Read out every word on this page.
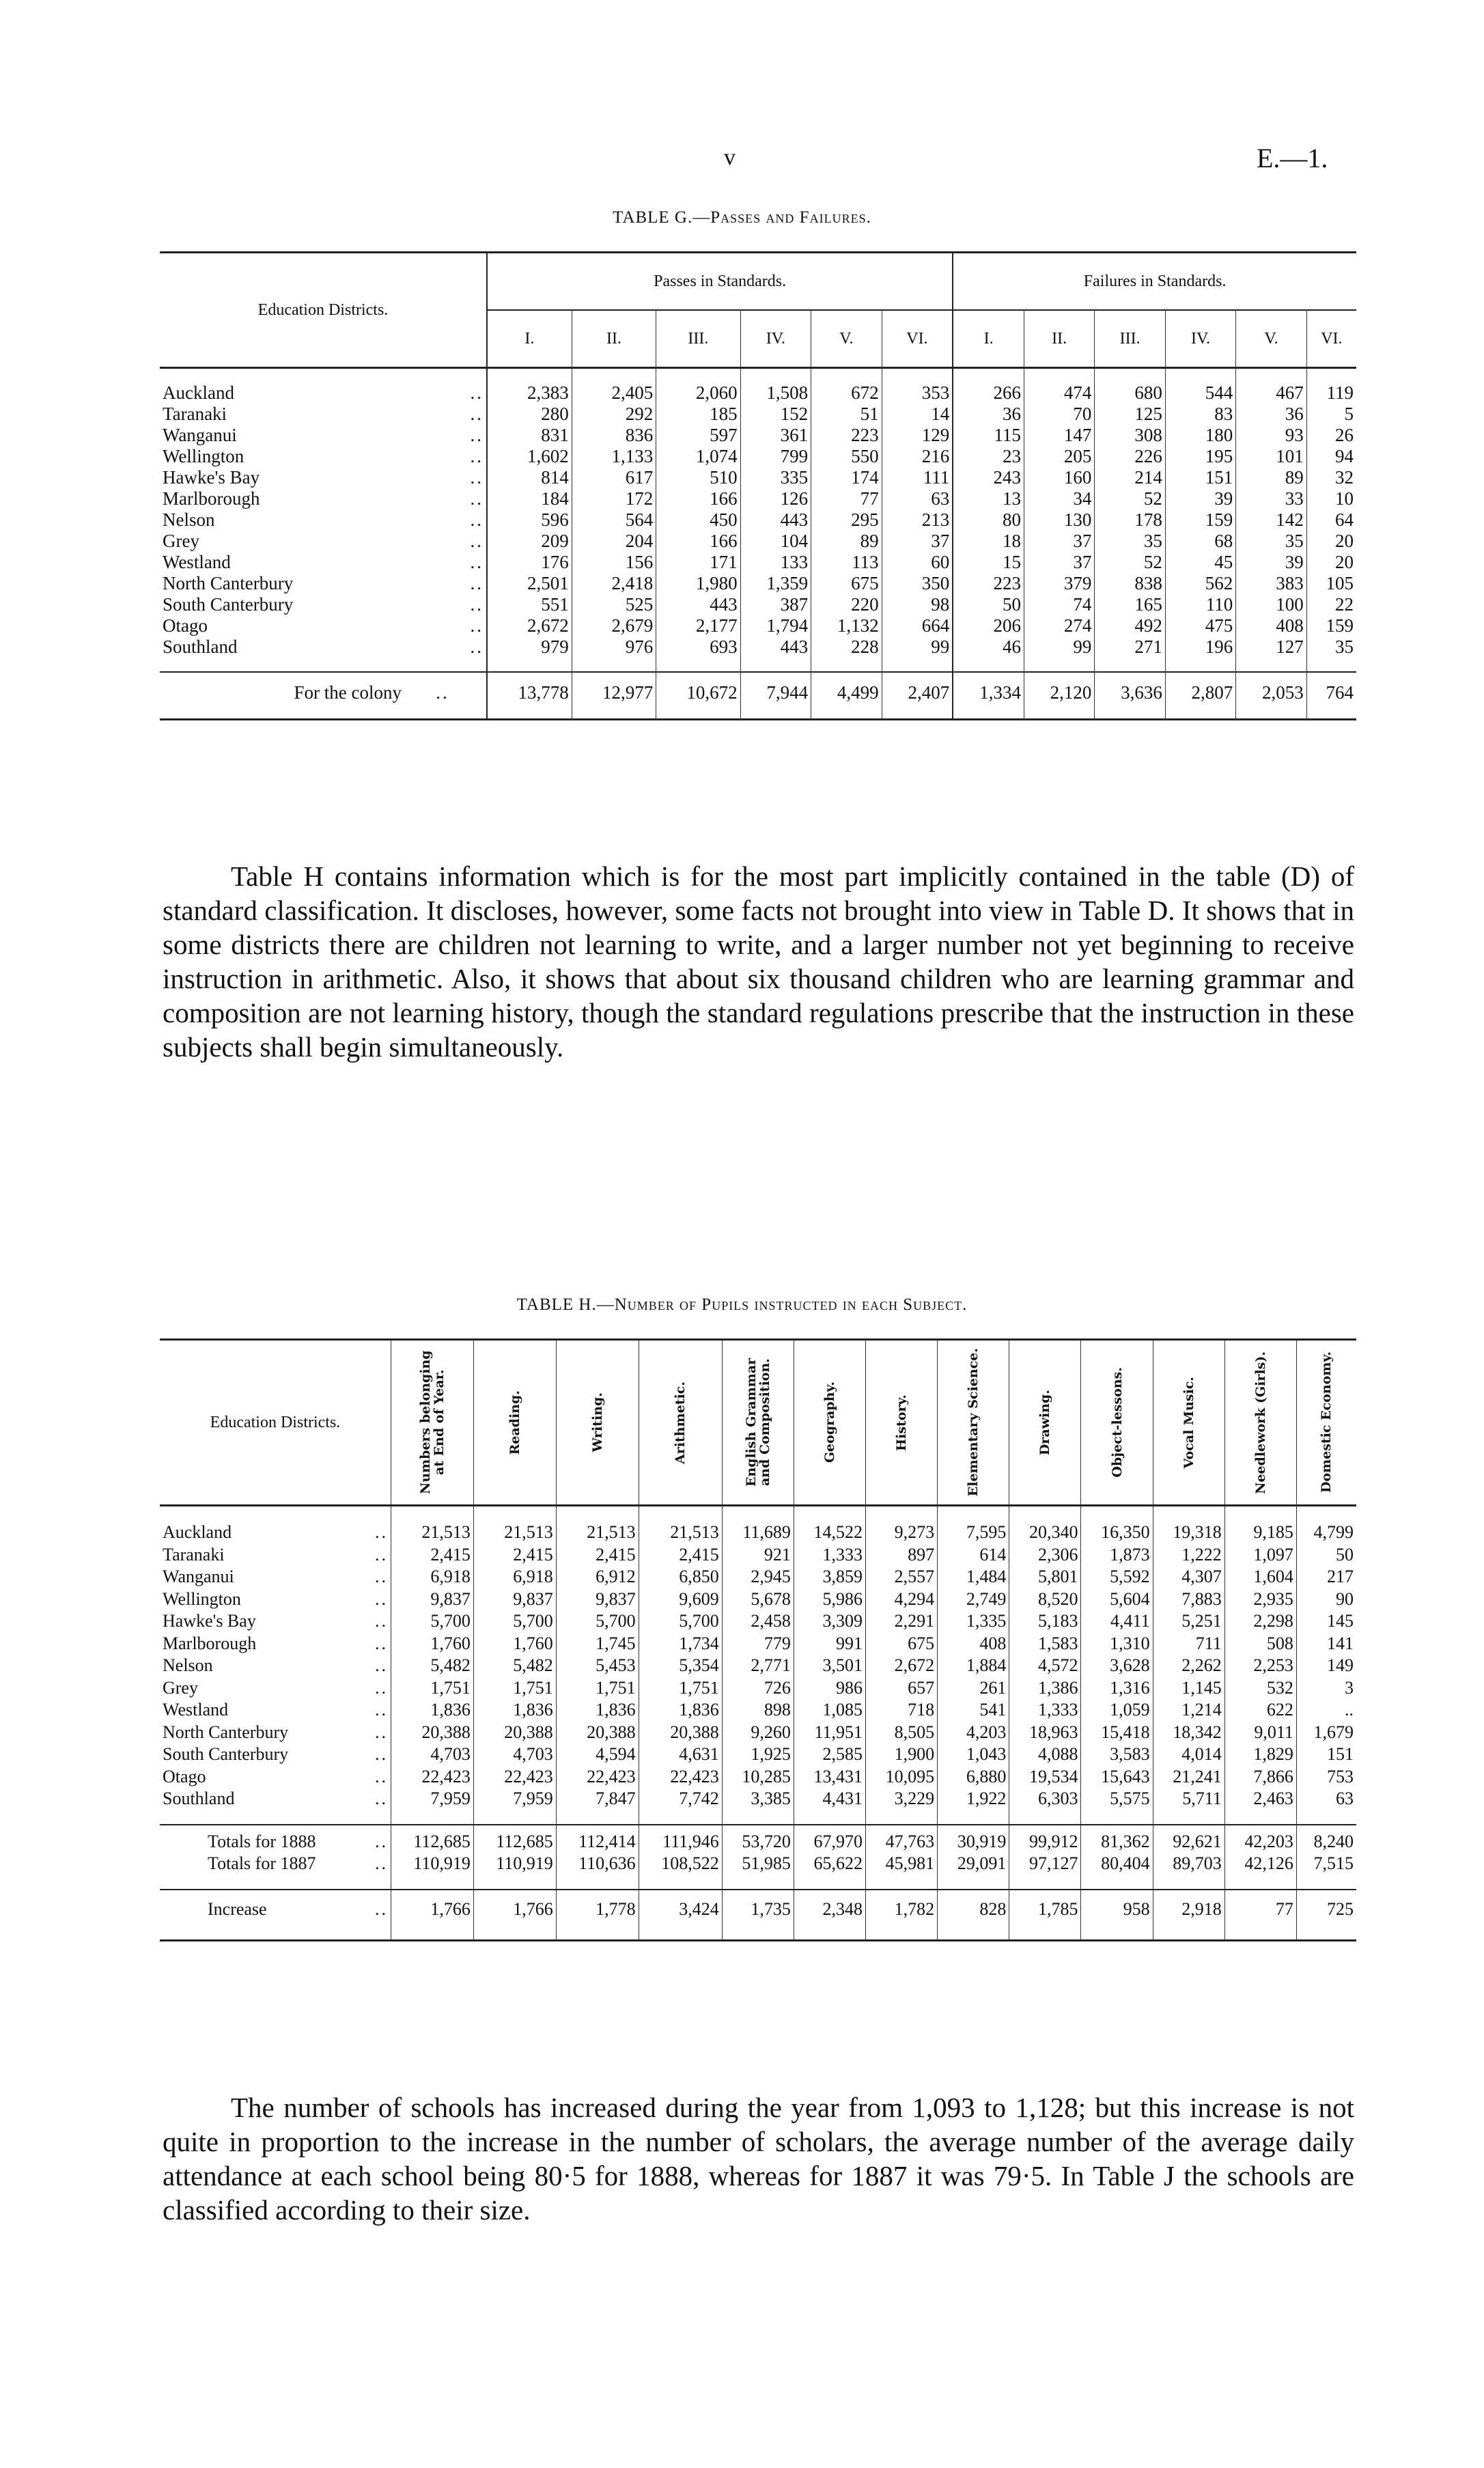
v	E.—1.
TABLE G.—Passes and Failures.
Education Districts.	Passes in Standards.						Failures in Standards.					
	I.	II.	III.	IV.	V.	VI.	I.	II.	III.	IV.	V.	VI.
Auckland ..	2,383	2,405	2,060	1,508	672	353	266	474	680	544	467	119
Taranaki ..	280	292	185	152	51	14	36	70	125	83	36	5
Wanganui ..	831	836	597	361	223	129	115	147	308	180	93	26
Wellington ..	1,602	1,133	1,074	799	550	216	23	205	226	195	101	94
Hawke's Bay ..	814	617	510	335	174	111	243	160	214	151	89	32
Marlborough ..	184	172	166	126	77	63	13	34	52	39	33	10
Nelson ..	596	564	450	443	295	213	80	130	178	159	142	64
Grey ..	209	204	166	104	89	37	18	37	35	68	35	20
Westland ..	176	156	171	133	113	60	15	37	52	45	39	20
North Canterbury ..	2,501	2,418	1,980	1,359	675	350	223	379	838	562	383	105
South Canterbury ..	551	525	443	387	220	98	50	74	165	110	100	22
Otago ..	2,672	2,679	2,177	1,794	1,132	664	206	274	492	475	408	159
Southland ..	979	976	693	443	228	99	46	99	271	196	127	35
For the colony ..	13,778	12,977	10,672	7,944	4,499	2,407	1,334	2,120	3,636	2,807	2,053	764

Table H contains information which is for the most part implicitly contained in the table (D) of standard classification. It discloses, however, some facts not brought into view in Table D. It shows that in some districts there are children not learning to write, and a larger number not yet beginning to receive instruction in arithmetic. Also, it shows that about six thousand children who are learning grammar and composition are not learning history, though the standard regulations prescribe that the instruction in these subjects shall begin simultaneously.

TABLE H.—Number of Pupils instructed in each Subject.
Education Districts.	Numbers belonging at End of Year.	Reading.	Writing.	Arithmetic.	English Grammar and Composition.	Geography.	History.	Elementary Science.	Drawing.	Object-lessons.	Vocal Music.	Needlework (Girls).	Domestic Economy.

Auckland ..	21,513	21,513	21,513	21,513	11,689	14,522	9,273	7,595	20,340	16,350	19,318	9,185	4,799
Taranaki ..	2,415	2,415	2,415	2,415	921	1,333	897	614	2,306	1,873	1,222	1,097	50
Wanganui ..	6,918	6,918	6,912	6,850	2,945	3,859	2,557	1,484	5,801	5,592	4,307	1,604	217
Wellington ..	9,837	9,837	9,837	9,609	5,678	5,986	4,294	2,749	8,520	5,604	7,883	2,935	90
Hawke's Bay ..	5,700	5,700	5,700	5,700	2,458	3,309	2,291	1,335	5,183	4,411	5,251	2,298	145
Marlborough ..	1,760	1,760	1,745	1,734	779	991	675	408	1,583	1,310	711	508	141
Nelson ..	5,482	5,482	5,453	5,354	2,771	3,501	2,672	1,884	4,572	3,628	2,262	2,253	149
Grey ..	1,751	1,751	1,751	1,751	726	986	657	261	1,386	1,316	1,145	532	3
Westland ..	1,836	1,836	1,836	1,836	898	1,085	718	541	1,333	1,059	1,214	622	..
North Canterbury ..	20,388	20,388	20,388	20,388	9,260	11,951	8,505	4,203	18,963	15,418	18,342	9,011	1,679
South Canterbury ..	4,703	4,703	4,594	4,631	1,925	2,585	1,900	1,043	4,088	3,583	4,014	1,829	151
Otago ..	22,423	22,423	22,423	22,423	10,285	13,431	10,095	6,880	19,534	15,643	21,241	7,866	753
Southland ..	7,959	7,959	7,847	7,742	3,385	4,431	3,229	1,922	6,303	5,575	5,711	2,463	63
Totals for 1888 ..	112,685	112,685	112,414	111,946	53,720	67,970	47,763	30,919	99,912	81,362	92,621	42,203	8,240
Totals for 1887 ..	110,919	110,919	110,636	108,522	51,985	65,622	45,981	29,091	97,127	80,404	89,703	42,126	7,515
Increase ..	1,766	1,766	1,778	3,424	1,735	2,348	1,782	828	1,785	958	2,918	77	725

The number of schools has increased during the year from 1,093 to 1,128; but this increase is not quite in proportion to the increase in the number of scholars, the average number of the average daily attendance at each school being 80·5 for 1888, whereas for 1887 it was 79·5. In Table J the schools are classified according to their size.
